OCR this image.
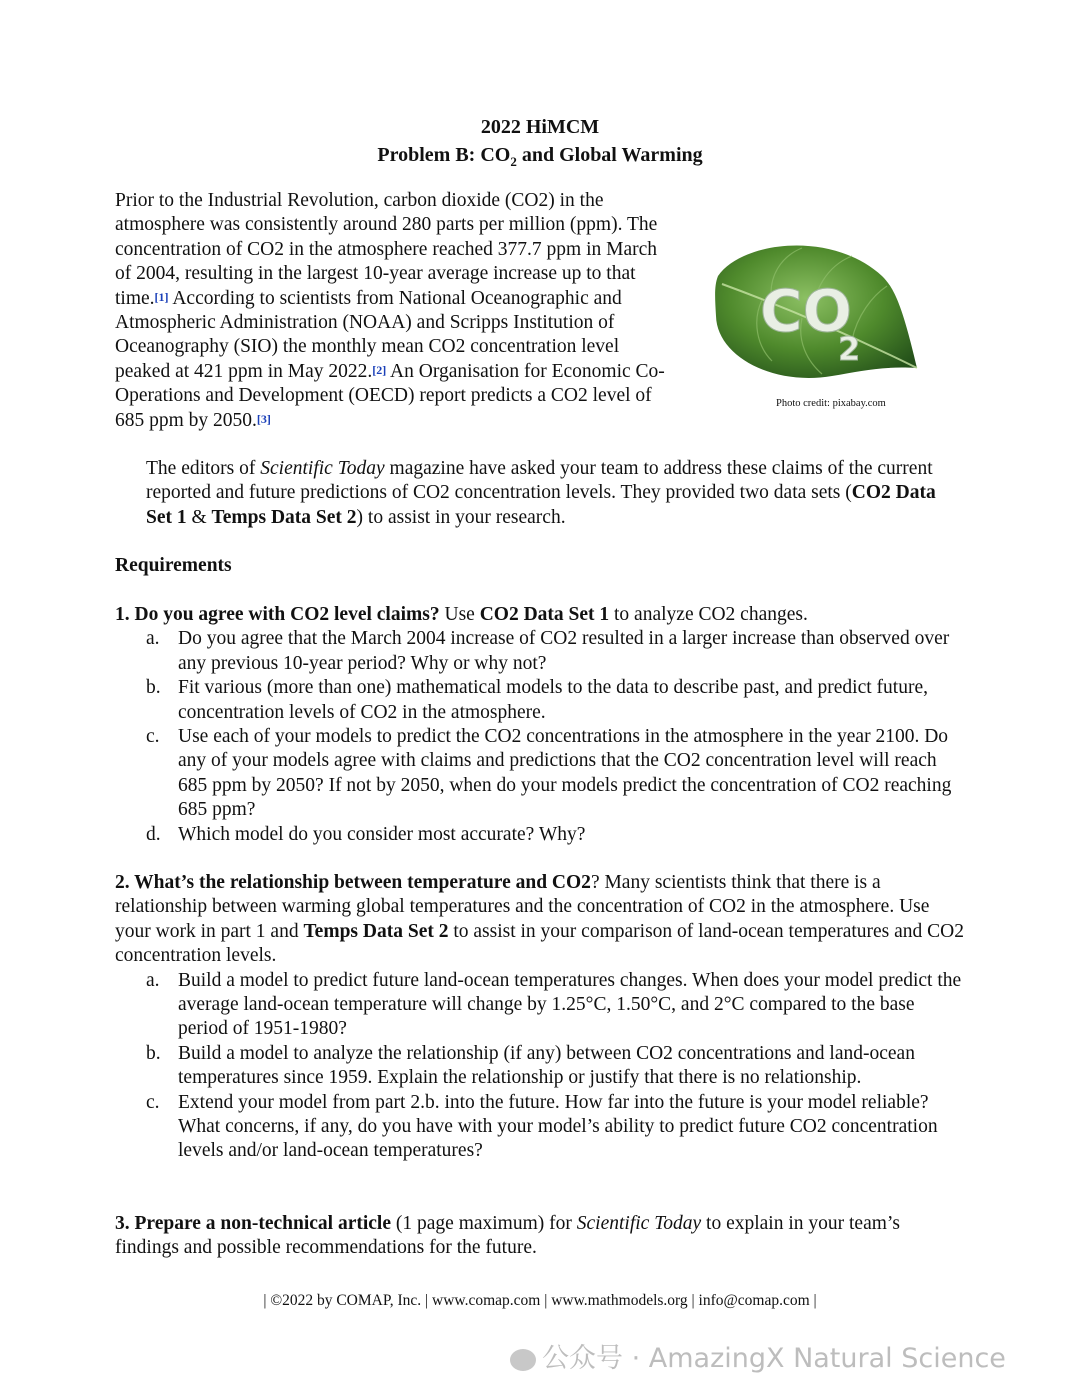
2022 HiMCM
Problem B: $CO_2$ and Global Warming
Prior to the Industrial Revolution, carbon dioxide (CO2) in the atmosphere was consistently around 280 parts per million (ppm). The concentration of CO2 in the atmosphere reached 377.7 ppm in March of 2004, resulting in the largest 10-year average increase up to that time.[1] According to scientists from National Oceanographic and Atmospheric Administration (NOAA) and Scripps Institution of Oceanography (SIO) the monthly mean CO2 concentration level peaked at 421 ppm in May 2022.[2] An Organisation for Economic Co-Operations and Development (OECD) report predicts a CO2 level of 685 ppm by 2050.[3]
CO
2
Photo credit: pixabay.com
The editors of Scientific Today magazine have asked your team to address these claims of the current reported and future predictions of CO2 concentration levels. They provided two data sets (CO2 Data Set 1 & Temps Data Set 2) to assist in your research.
Requirements
1. Do you agree with CO2 level claims? Use CO2 Data Set 1 to analyze CO2 changes.
a. Do you agree that the March 2004 increase of CO2 resulted in a larger increase than observed over any previous 10-year period? Why or why not?
b. Fit various (more than one) mathematical models to the data to describe past, and predict future, concentration levels of CO2 in the atmosphere.
c. Use each of your models to predict the CO2 concentrations in the atmosphere in the year 2100. Do any of your models agree with claims and predictions that the CO2 concentration level will reach 685 ppm by 2050? If not by 2050, when do your models predict the concentration of CO2 reaching 685 ppm?
d. Which model do you consider most accurate? Why?
2. What’s the relationship between temperature and CO2? Many scientists think that there is a relationship between warming global temperatures and the concentration of CO2 in the atmosphere. Use your work in part 1 and Temps Data Set 2 to assist in your comparison of land-ocean temperatures and CO2 concentration levels.
a. Build a model to predict future land-ocean temperatures changes. When does your model predict the average land-ocean temperature will change by 1.25°C, 1.50°C, and 2°C compared to the base period of 1951-1980?
b. Build a model to analyze the relationship (if any) between CO2 concentrations and land-ocean temperatures since 1959. Explain the relationship or justify that there is no relationship.
c. Extend your model from part 2.b. into the future. How far into the future is your model reliable? What concerns, if any, do you have with your model’s ability to predict future CO2 concentration levels and/or land-ocean temperatures?
3. Prepare a non-technical article (1 page maximum) for Scientific Today to explain in your team’s findings and possible recommendations for the future.
| ©2022 by COMAP, Inc. | www.comap.com | www.mathmodels.org | info@comap.com |
公众号 · AmazingX Natural Science
